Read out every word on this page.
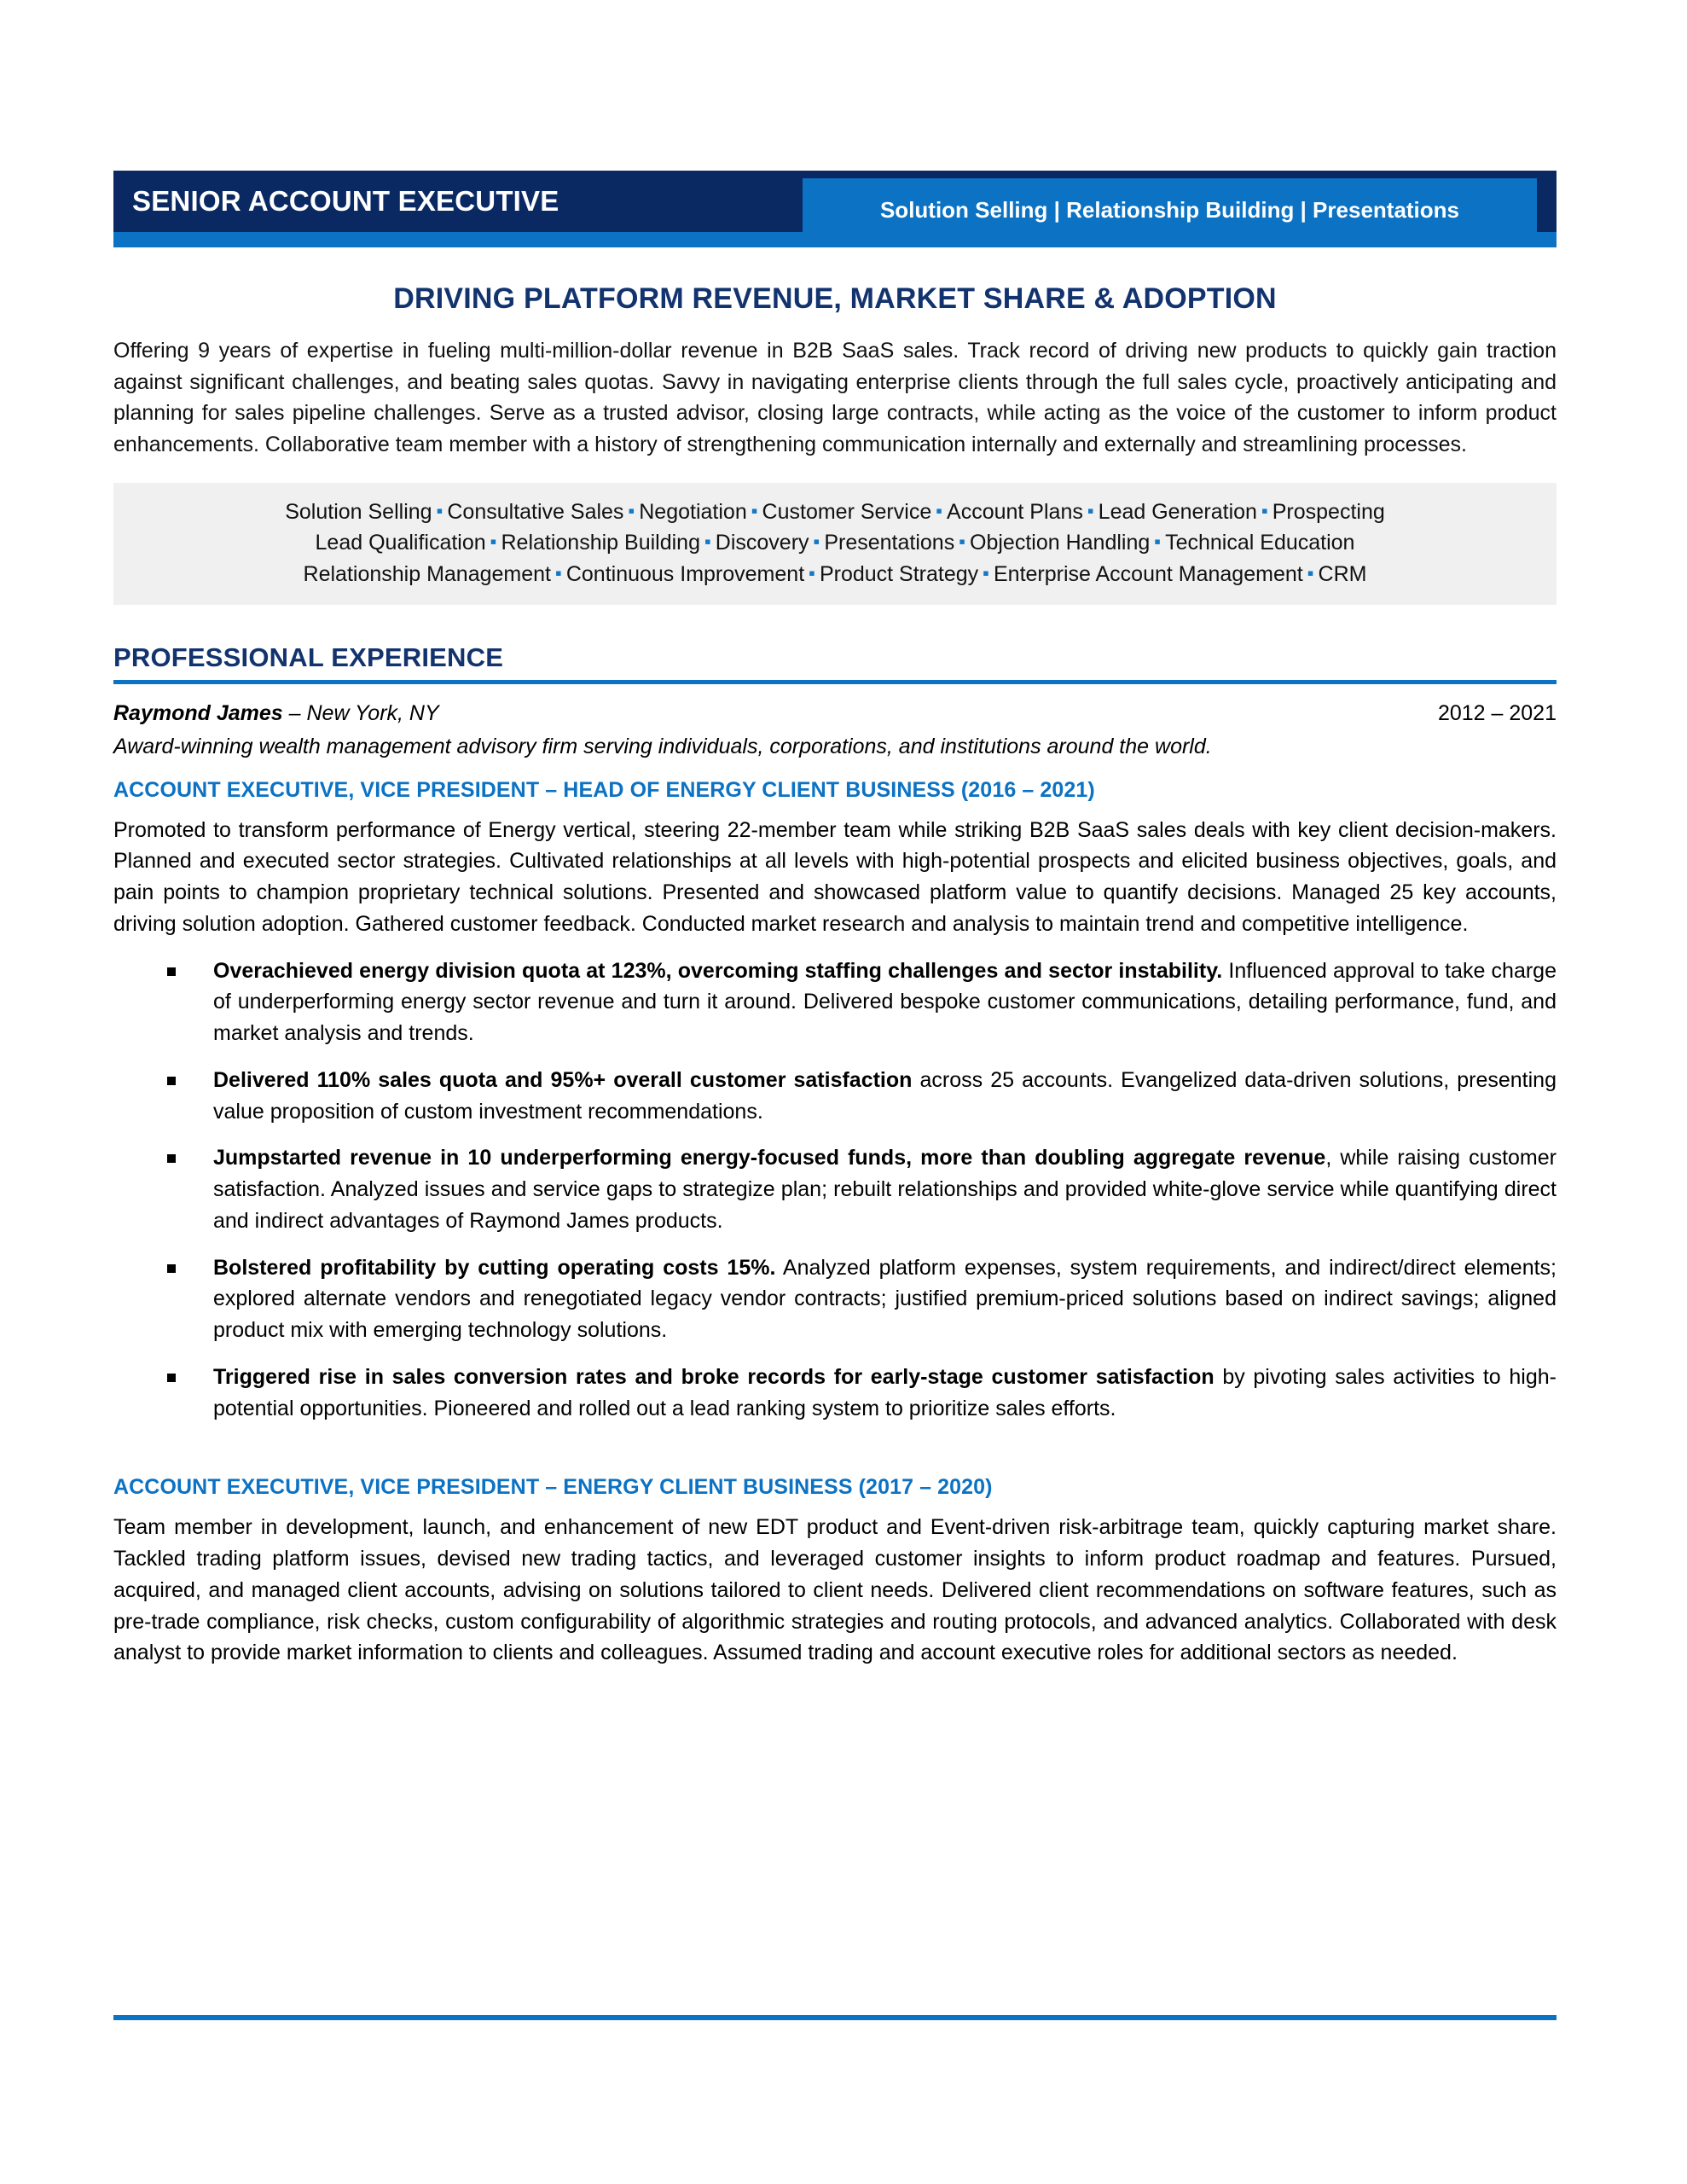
SENIOR ACCOUNT EXECUTIVE	Solution Selling | Relationship Building | Presentations
DRIVING PLATFORM REVENUE, MARKET SHARE & ADOPTION

Offering 9 years of expertise in fueling multi-million-dollar revenue in B2B SaaS sales. Track record of driving new products to quickly gain traction against significant challenges, and beating sales quotas. Savvy in navigating enterprise clients through the full sales cycle, proactively anticipating and planning for sales pipeline challenges. Serve as a trusted advisor, closing large contracts, while acting as the voice of the customer to inform product enhancements. Collaborative team member with a history of strengthening communication internally and externally and streamlining processes.

Solution Selling ▪ Consultative Sales ▪ Negotiation ▪ Customer Service ▪ Account Plans ▪ Lead Generation ▪ Prospecting
Lead Qualification ▪ Relationship Building ▪ Discovery ▪ Presentations ▪ Objection Handling ▪ Technical Education
Relationship Management ▪ Continuous Improvement ▪ Product Strategy ▪ Enterprise Account Management ▪ CRM
PROFESSIONAL EXPERIENCE
Raymond James – New York, NY	2012 – 2021
Award-winning wealth management advisory firm serving individuals, corporations, and institutions around the world.
ACCOUNT EXECUTIVE, VICE PRESIDENT – HEAD OF ENERGY CLIENT BUSINESS (2016 – 2021)

Promoted to transform performance of Energy vertical, steering 22-member team while striking B2B SaaS sales deals with key client decision-makers. Planned and executed sector strategies. Cultivated relationships at all levels with high-potential prospects and elicited business objectives, goals, and pain points to champion proprietary technical solutions. Presented and showcased platform value to quantify decisions. Managed 25 key accounts, driving solution adoption. Gathered customer feedback. Conducted market research and analysis to maintain trend and competitive intelligence.

Overachieved energy division quota at 123%, overcoming staffing challenges and sector instability. Influenced approval to take charge of underperforming energy sector revenue and turn it around. Delivered bespoke customer communications, detailing performance, fund, and market analysis and trends.
Delivered 110% sales quota and 95%+ overall customer satisfaction across 25 accounts. Evangelized data-driven solutions, presenting value proposition of custom investment recommendations.
Jumpstarted revenue in 10 underperforming energy-focused funds, more than doubling aggregate revenue, while raising customer satisfaction. Analyzed issues and service gaps to strategize plan; rebuilt relationships and provided white-glove service while quantifying direct and indirect advantages of Raymond James products.
Bolstered profitability by cutting operating costs 15%. Analyzed platform expenses, system requirements, and indirect/direct elements; explored alternate vendors and renegotiated legacy vendor contracts; justified premium-priced solutions based on indirect savings; aligned product mix with emerging technology solutions.
Triggered rise in sales conversion rates and broke records for early-stage customer satisfaction by pivoting sales activities to high-potential opportunities. Pioneered and rolled out a lead ranking system to prioritize sales efforts.
ACCOUNT EXECUTIVE, VICE PRESIDENT – ENERGY CLIENT BUSINESS (2017 – 2020)

Team member in development, launch, and enhancement of new EDT product and Event-driven risk-arbitrage team, quickly capturing market share. Tackled trading platform issues, devised new trading tactics, and leveraged customer insights to inform product roadmap and features. Pursued, acquired, and managed client accounts, advising on solutions tailored to client needs. Delivered client recommendations on software features, such as pre-trade compliance, risk checks, custom configurability of algorithmic strategies and routing protocols, and advanced analytics. Collaborated with desk analyst to provide market information to clients and colleagues. Assumed trading and account executive roles for additional sectors as needed.
